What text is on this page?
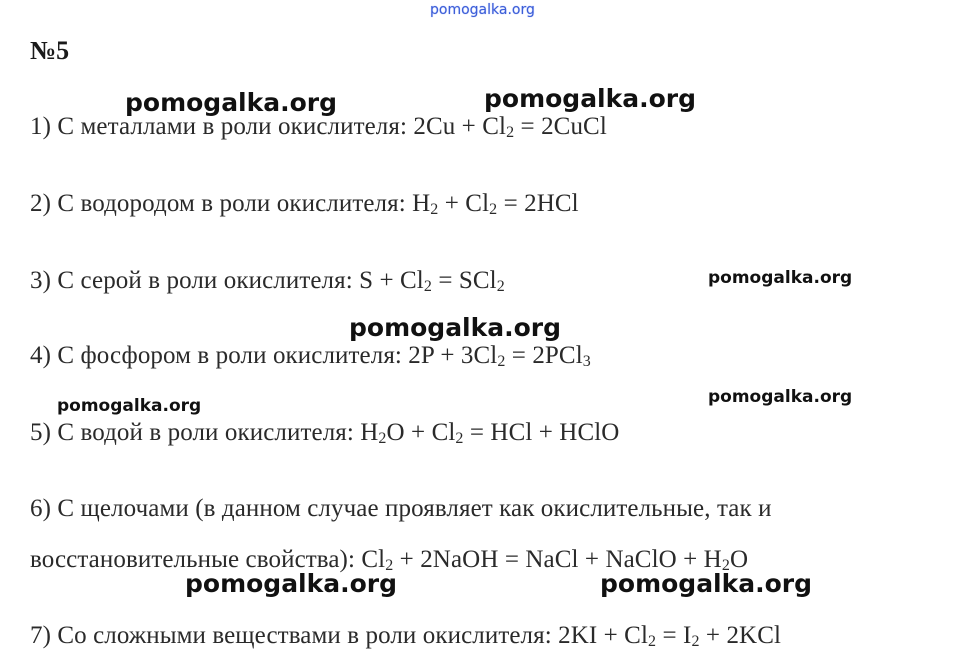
pomogalka.org
№5
1) С металлами в роли окислителя: $2Cu + Cl_2$ = 2CuCl
2) С водородом в роли окислителя: $H_2 + Cl_2 = 2HCl$
3) С серой в роли окислителя: $S + Cl_2 = SCl_2$
4) С фосфором в роли окислителя: $2P + 3Cl_2 = 2PCl_3$
5) С водой в роли окислителя: $H_2O + Cl_2$ = HCl + HClO
6) С щелочами (в данном случае проявляет как окислительные, так и
восстановительные свойства): $Cl_2$ + 2NaOH = NaCl + NaClO + $H_2O$
7) Со сложными веществами в роли окислителя: $2KI + Cl_2 = I_2 + 2KCl$
pomogalka.org	pomogalka.org
pomogalka.org
pomogalka.org
pomogalka.org
pomogalka.org
pomogalka.org	pomogalka.org
